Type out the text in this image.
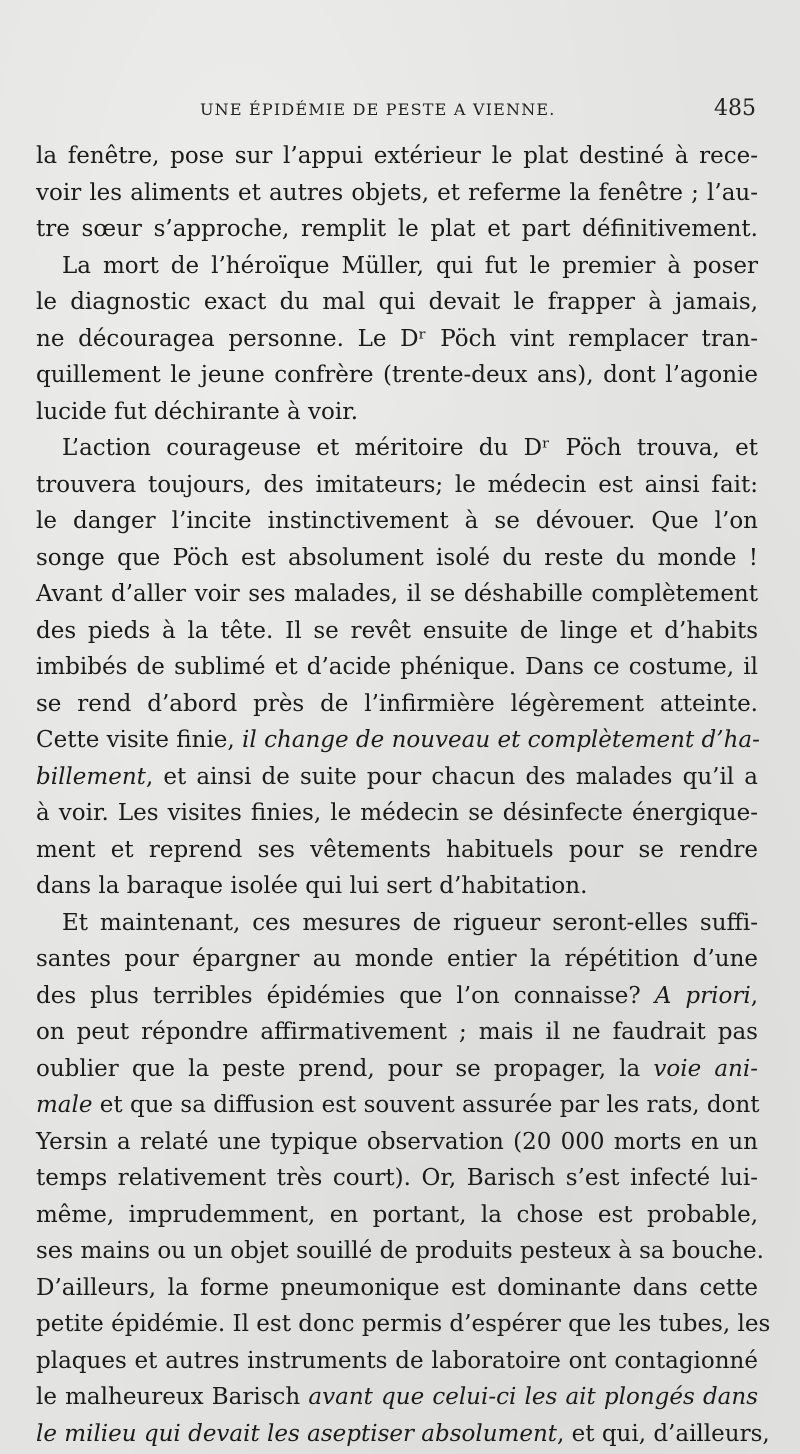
UNE ÉPIDÉMIE DE PESTE A VIENNE.	485
la fenêtre, pose sur l’appui extérieur le plat destiné à rece-
voir les aliments et autres objets, et referme la fenêtre ; l’au-
tre sœur s’approche, remplit le plat et part définitivement.
La mort de l’héroïque Müller, qui fut le premier à poser
le diagnostic exact du mal qui devait le frapper à jamais,
ne découragea personne. Le Dʳ Pöch vint remplacer tran-
quillement le jeune confrère (trente-deux ans), dont l’agonie
lucide fut déchirante à voir.
L’action courageuse et méritoire du Dʳ Pöch trouva, et
trouvera toujours, des imitateurs; le médecin est ainsi fait:
le danger l’incite instinctivement à se dévouer. Que l’on
songe que Pöch est absolument isolé du reste du monde !
Avant d’aller voir ses malades, il se déshabille complètement
des pieds à la tête. Il se revêt ensuite de linge et d’habits
imbibés de sublimé et d’acide phénique. Dans ce costume, il
se rend d’abord près de l’infirmière légèrement atteinte.
Cette visite finie, il change de nouveau et complètement d’ha-
billement, et ainsi de suite pour chacun des malades qu’il a
à voir. Les visites finies, le médecin se désinfecte énergique-
ment et reprend ses vêtements habituels pour se rendre
dans la baraque isolée qui lui sert d’habitation.
Et maintenant, ces mesures de rigueur seront-elles suffi-
santes pour épargner au monde entier la répétition d’une
des plus terribles épidémies que l’on connaisse? A priori,
on peut répondre affirmativement ; mais il ne faudrait pas
oublier que la peste prend, pour se propager, la voie ani-
male et que sa diffusion est souvent assurée par les rats, dont
Yersin a relaté une typique observation (20 000 morts en un
temps relativement très court). Or, Barisch s’est infecté lui-
même, imprudemment, en portant, la chose est probable,
ses mains ou un objet souillé de produits pesteux à sa bouche.
D’ailleurs, la forme pneumonique est dominante dans cette
petite épidémie. Il est donc permis d’espérer que les tubes, les
plaques et autres instruments de laboratoire ont contagionné
le malheureux Barisch avant que celui-ci les ait plongés dans
le milieu qui devait les aseptiser absolument, et qui, d’ailleurs,
